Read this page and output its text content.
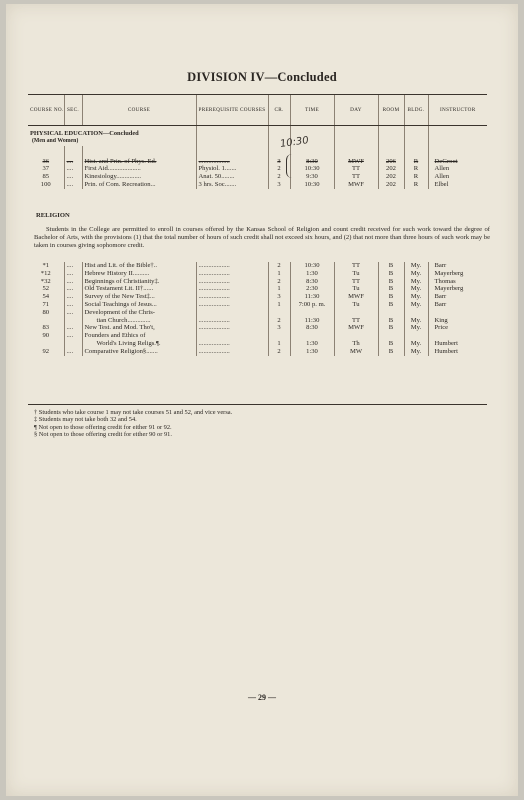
DIVISION IV—Concluded
COURSE NO.	SEC.	COURSE	PREREQUISITE COURSES	CR.	TIME	DAY	ROOM	BLDG.	INSTRUCTOR
PHYSICAL EDUCATION—Concluded									
(Men and Women)									

36	....	Hist. and Prin. of Phys. Ed.	...................	3	8:30	MWF	206	R	DeGroot
37	....	First Aid....................	Physiol. 1.......	2	10:30	TT	202	R	Allen
85	....	Kinesiology...............	Anat. 50........	2	9:30	TT	202	R	Allen
100	....	Prin. of Com. Recreation...	3 hrs. Soc.......	3	10:30	MWF	202	R	Elbel
10:30
RELIGION
Students in the College are permitted to enroll in courses offered by the Kansas School of Religion and count credit received for such work toward the degree of Bachelor of Arts, with the provisions (1) that the total number of hours of such credit shall not exceed six hours, and (2) that not more than three hours of such work may be taken in courses giving sophomore credit.
*1	....	Hist and Lit. of the Bible†..	...................	2	10:30	TT	B	My.	Barr
*12	....	Hebrew History II..........	...................	1	1:30	Tu	B	My.	Mayerberg
*32	....	Beginnings of Christianity‡.	...................	2	8:30	TT	B	My.	Thomas
52	....	Old Testament Lit. II†......	...................	1	2:30	Tu	B	My.	Mayerberg
54	....	Survey of the New Test‡...	...................	3	11:30	MWF	B	My.	Barr
71	....	Social Teachings of Jesus...	...................	1	7:00 p. m.	Tu	B	My.	Barr
80	....	Development of the Chris-							
		tian Church..............	...................	2	11:30	TT	B	My.	King
83	....	New Test. and Mod. Tho't,	...................	3	8:30	MWF	B	My.	Price
90	....	Founders and Ethics of							
		World's Living Religs.¶.	...................	1	1:30	Th	B	My.	Humbert
92	....	Comparative Religion§.......	...................	2	1:30	MW	B	My.	Humbert
† Students who take course 1 may not take courses 51 and 52, and vice versa.
‡ Students may not take both 32 and 54.
¶ Not open to those offering credit for either 91 or 92.
§ Not open to those offering credit for either 90 or 91.
— 29 —
